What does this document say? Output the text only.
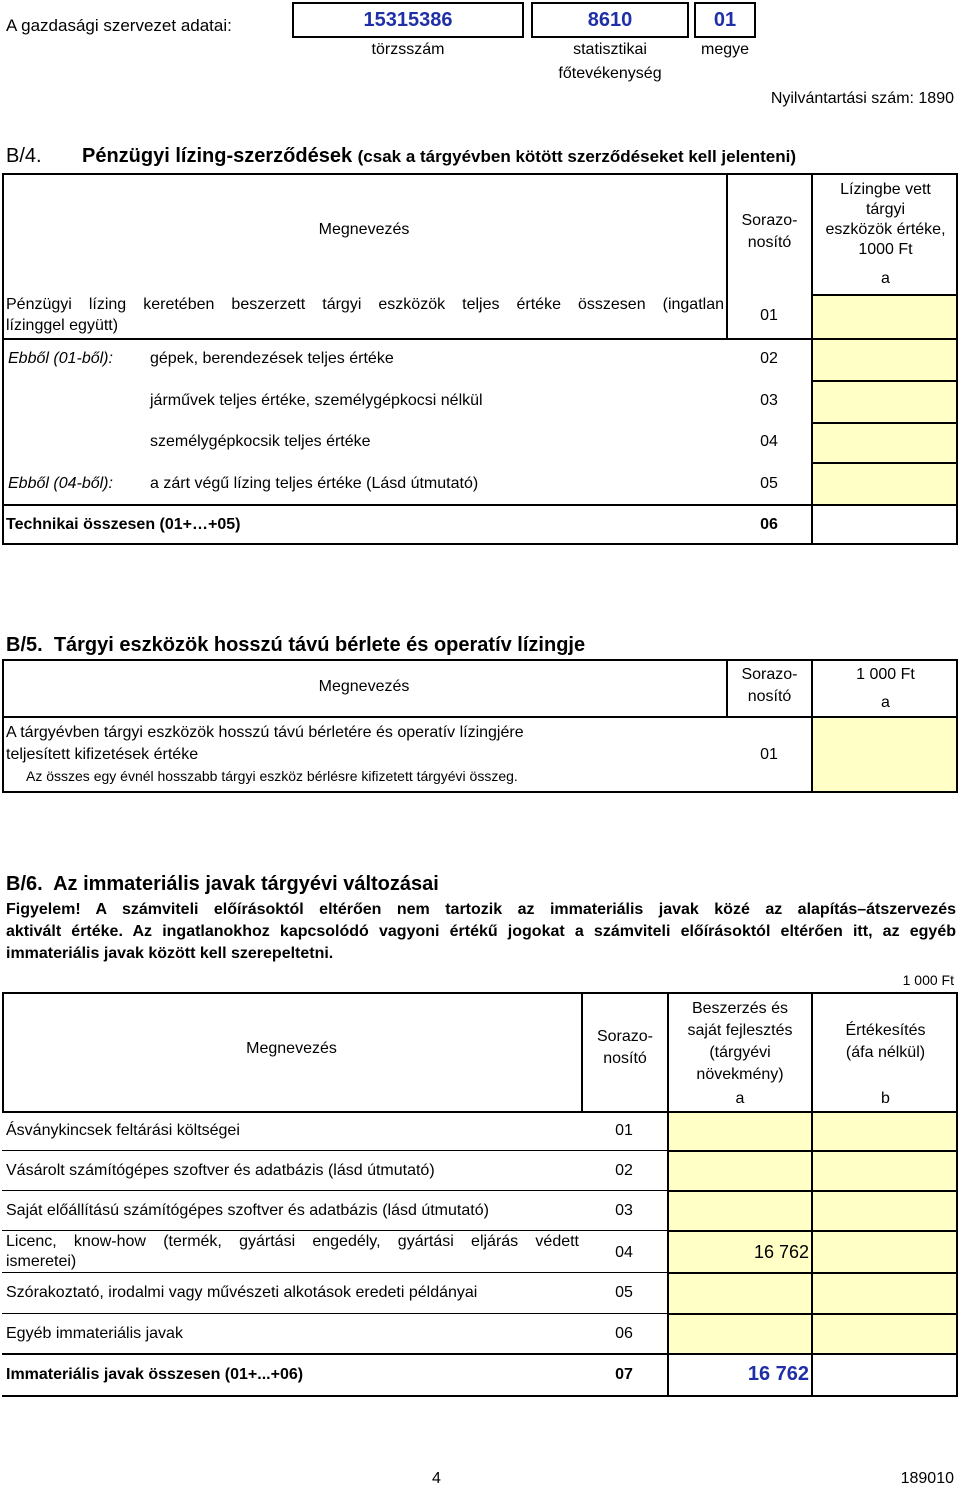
A gazdasági szervezet adatai:	15315386	8610	01
törzsszám	statisztikai
főtevékenység
megye
Nyilvántartási szám: 1890
B/4. Pénzügyi lízing-szerződések (csak a tárgyévben kötött szerződéseket kell jelenteni)
Megnevezés
Sorazo-
nosító
Lízingbe vett
tárgyi
eszközök értéke,
1000 Ft
a
Pénzügyi lízing keretében beszerzett tárgyi eszközök teljes értéke összesen (ingatlan
lízinggel együtt)
01
Ebből (01-ből): gépek, berendezések teljes értéke	02
járművek teljes értéke, személygépkocsi nélkül	03
személygépkocsik teljes értéke	04
Ebből (04-ből): a zárt végű lízing teljes értéke (Lásd útmutató)	05
Technikai összesen (01+…+05)	06
B/5. Tárgyi eszközök hosszú távú bérlete és operatív lízingje
Megnevezés
Sorazo-
nosító
1 000 Ft
a
A tárgyévben tárgyi eszközök hosszú távú bérletére és operatív lízingjére
teljesített kifizetések értéke
Az összes egy évnél hosszabb tárgyi eszköz bérlésre kifizetett tárgyévi összeg.
01
B/6. Az immateriális javak tárgyévi változásai
Figyelem! A számviteli előírásoktól eltérően nem tartozik az immateriális javak közé az alapítás–átszervezés
aktivált értéke. Az ingatlanokhoz kapcsolódó vagyoni értékű jogokat a számviteli előírásoktól eltérően itt, az egyéb
immateriális javak között kell szerepeltetni.
1 000 Ft
Megnevezés
Sorazo-
nosító
Beszerzés és
saját fejlesztés
(tárgyévi
növekmény)
a
Értékesítés
(áfa nélkül)
b
Ásványkincsek feltárási költségei	01
Vásárolt számítógépes szoftver és adatbázis (lásd útmutató)	02
Saját előállítású számítógépes szoftver és adatbázis (lásd útmutató)	03
Licenc, know-how (termék, gyártási engedély, gyártási eljárás védett
ismeretei)
04	16 762
Szórakoztató, irodalmi vagy művészeti alkotások eredeti példányai	05
Egyéb immateriális javak	06
Immateriális javak összesen (01+...+06)	07	16 762
4	189010
